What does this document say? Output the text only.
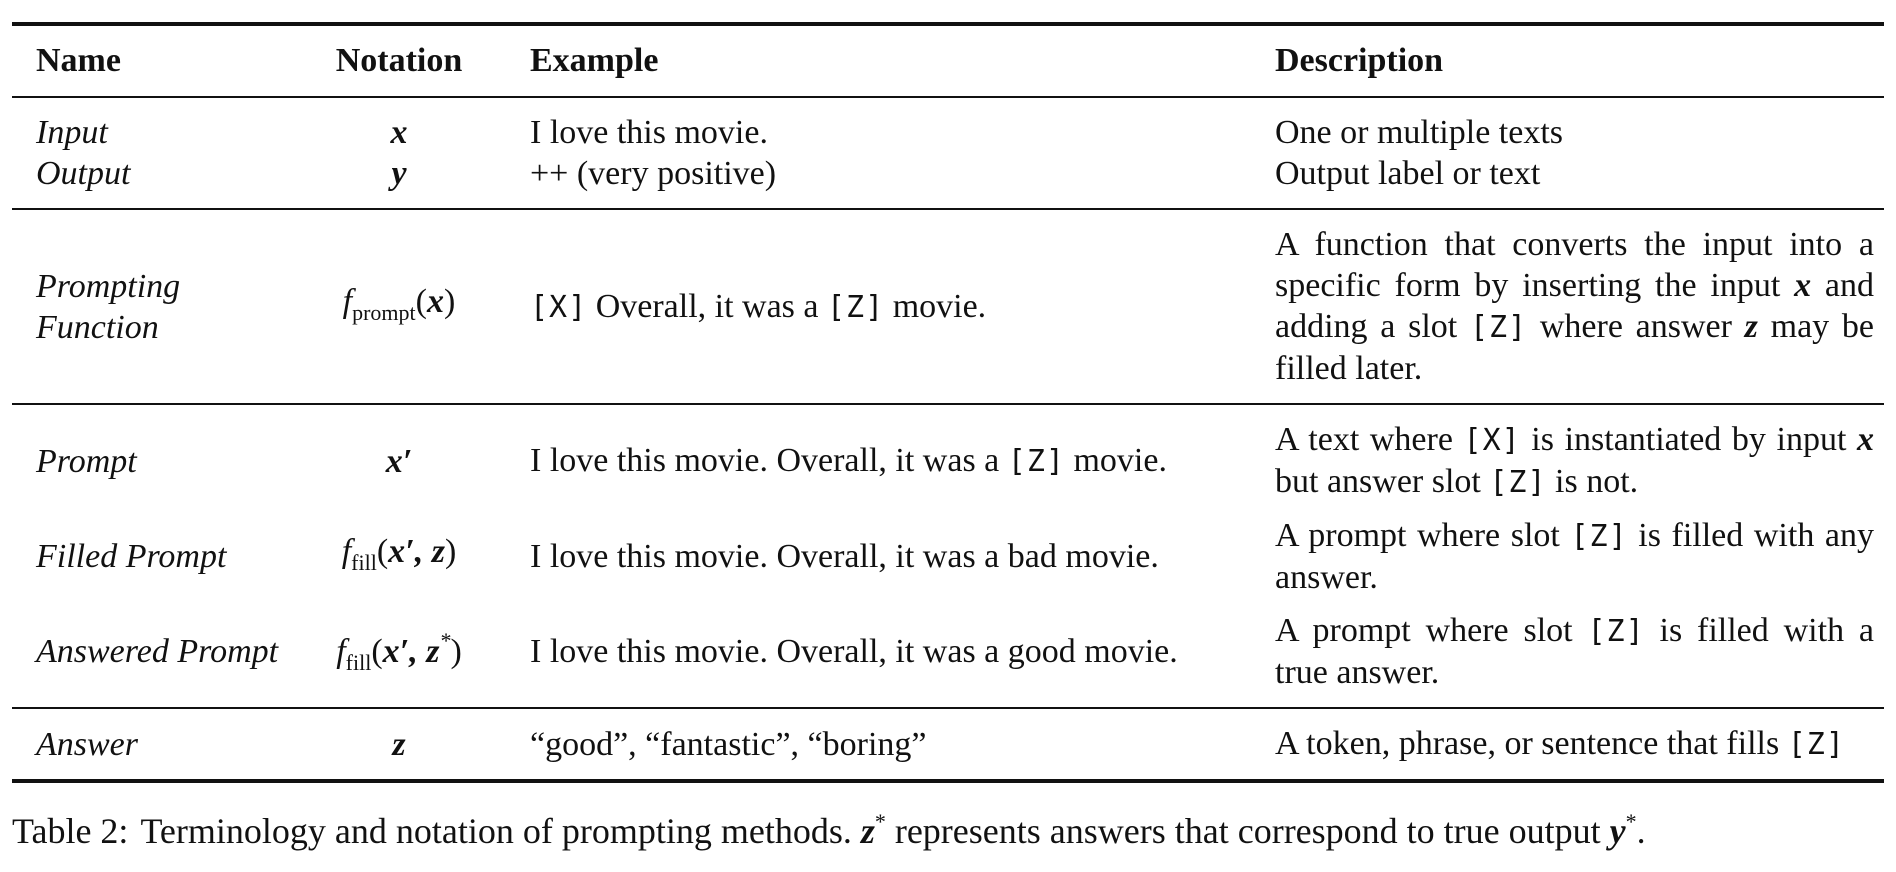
Name	Notation	Example	Description
Input	x	I love this movie.	One or multiple texts
Output	y	++ (very positive)	Output label or text
Prompting Function	$f_{prompt}(x)$	[X] Overall, it was a [Z] movie.	A function that converts the input into a specific form by inserting the input x and adding a slot [Z] where answer z may be filled later.
Prompt	x′	I love this movie. Overall, it was a [Z] movie.	A text where [X] is instantiated by input x but answer slot [Z] is not.
Filled Prompt	$f_{fill}(x'$, z)	I love this movie. Overall, it was a bad movie.	A prompt where slot [Z] is filled with any answer.
Answered Prompt	$f_{fill}(x'$, z*)	I love this movie. Overall, it was a good movie.	A prompt where slot [Z] is filled with a true answer.
Answer	z	“good”, “fantastic”, “boring”	A token, phrase, or sentence that fills [Z]
Table 2: Terminology and notation of prompting methods. z* represents answers that correspond to true output y*.
